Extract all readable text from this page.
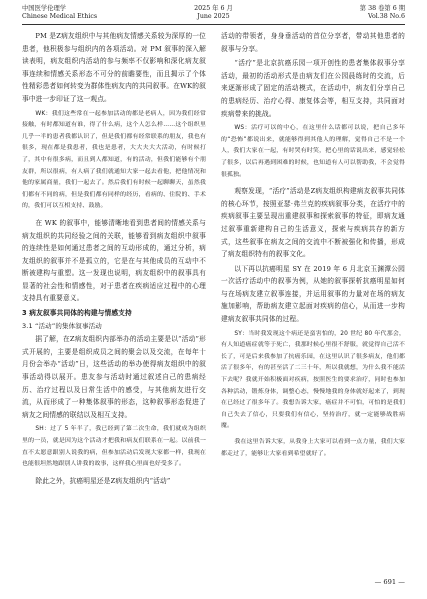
中国医学伦理学
Chinese Medical Ethics
2025 年 6 月
June 2025
第 38 卷第 6 期
Vol.38 No.6

PM 是Z病友组织中与其他病友情感关系较为深厚的一位患者，他积极参与组织内的各项活动。对 PM 叙事的深入解读表明，病友组织内活动的参与频率不仅影响和深化病友叙事连续和情感关系形态不可分的前瞻要性，而且揭示了个体性精彩患者如何转变为群体性病友内的共同叙事。在WK的叙事中进一步印证了这一观点。

WK：我们这些常在一起参加活动的都是老病人，因为我们经常接触，有时都知道有谁，得了什么病，这个人怎么样……这个组织里几乎一半的患者我都认识了，但是我们都有经常联系的朋友，我也有很多，现在都是我患者，我也是患者，大大夫大大活动，有时候打了，其中有很多病，而且到人都知道，有的活动，但我们能够有个朋友群，所以很病，有人病了我们就通知大家一起去看他，把他情况和他的家属商量，我们一起去了。然后我们有时候一起聊聊天，虽然我们都有不同的病，但是我们都有同样的经历，看病的、住院的、手术的，我们可以互相支持、鼓励。

在 WK 的叙事中，能够清晰地看到患者间的情感关系与病友组织的共同经验之间的关联，能够看到病友组织中叙事的连续性是如何通过患者之间的互动形成的，通过分析，病友组织的叙事并不是孤立的，它是在与其他成员的互动中不断被建构与重塑。这一发现也说明，病友组织中的叙事具有显著的社会性和情感性，对于患者在疾病适应过程中的心理支持具有重要意义。

3 病友叙事共同体的构建与情感支持

3.1 “活动”的集体叙事活动

据了解，在Z病友组织内部举办的活动主要是以“活动”形式开展的，主要是组织成员之间的聚会以及交流，在每年十月份会举办“活动”日，这些活动的举办使得病友组织中的叙事活动得以展开。患友参与活动时通过叙述自己的患病经历、治疗过程以及日常生活中的感受，与其他病友进行交流，从而形成了一种集体叙事的形态，这种叙事形态促进了病友之间情感的联结以及相互支持。

SH：过了 5 年半了，我已经到了第二次生命，我们就成为组织里的一员，就是因为这个活动才把我和病友们联系在一起。以前我一直不太愿意跟别人说我的病，但参加活动后发现大家都一样，我现在也能很坦然地跟别人讲我的故事，这样我心里面也好受多了。

除此之外，抗癌明星还是Z病友组织内“活动”

活动的带领者，身身垂活动的首位分享者，带动其他患者的叙事与分享。

“活疗”是北京抗癌乐园一项开创性的患者集体叙事分享活动，最初的活动形式是由病友们在公园晨练时的交流，后来逐渐形成了固定的活动模式，在活动中，病友们分享自己的患病经历、治疗心得、康复体会等，相互支持，共同面对疾病带来的挑战。

WS：活疗可以的中心，在这里什么话都可以说，把自己多年的“恐怖”都说出来，就能够得到其他人的理解，觉得自己不是一个人，我们大家在一起，有时哭有时笑，把心里的话说出来，感觉轻松了很多，以后再遇到困难的时候，也知道有人可以帮助我，不会觉得很孤独。

观察发现，“活疗”活动是Z病友组织构建病友叙事共同体的核心环节，按照亚瑟·弗兰克的疾病叙事分类，在活疗中的疾病叙事主要呈现出重建叙事和探索叙事的特征，即病友通过叙事重新建构自己的生活意义，探索与疾病共存的新方式，这些叙事在病友之间的交流中不断被强化和传播，形成了病友组织特有的叙事文化。

以下再以抗癌明星 SY 在 2019 年 6 月北京玉渊潭公园一次活疗活动中的叙事为例，从她的叙事探析抗癌明星如何与在场病友建立叙事连接，并运用叙事的力量对在场的病友施加影响，帮助病友建立起面对疾病的信心，从而进一步构建病友叙事共同体的过程。

SY：当时我发现这个病还是蛮害怕的，20 世纪 80 年代那会，有人知道癌症就等于死亡，我那时候心里很不舒服，就觉得自己活不长了，可是后来我参加了抗癌乐园，在这里认识了很多病友，他们都活了很多年，有的甚至活了二三十年，所以我就想，为什么我不能活下去呢？我就开始积极面对疾病，按照医生的要求治疗，同时也参加各种活动，锻炼身体，调整心态，慢慢地我的身体就好起来了，到现在已经过了很多年了。我想告诉大家，癌症并不可怕，可怕的是我们自己失去了信心，只要我们有信心，坚持治疗，就一定能够战胜病魔。

我在这里告诉大家，从我身上大家可以看到一点力量，我们大家都走过了，能够让大家看到希望就好了。

— 691 —
